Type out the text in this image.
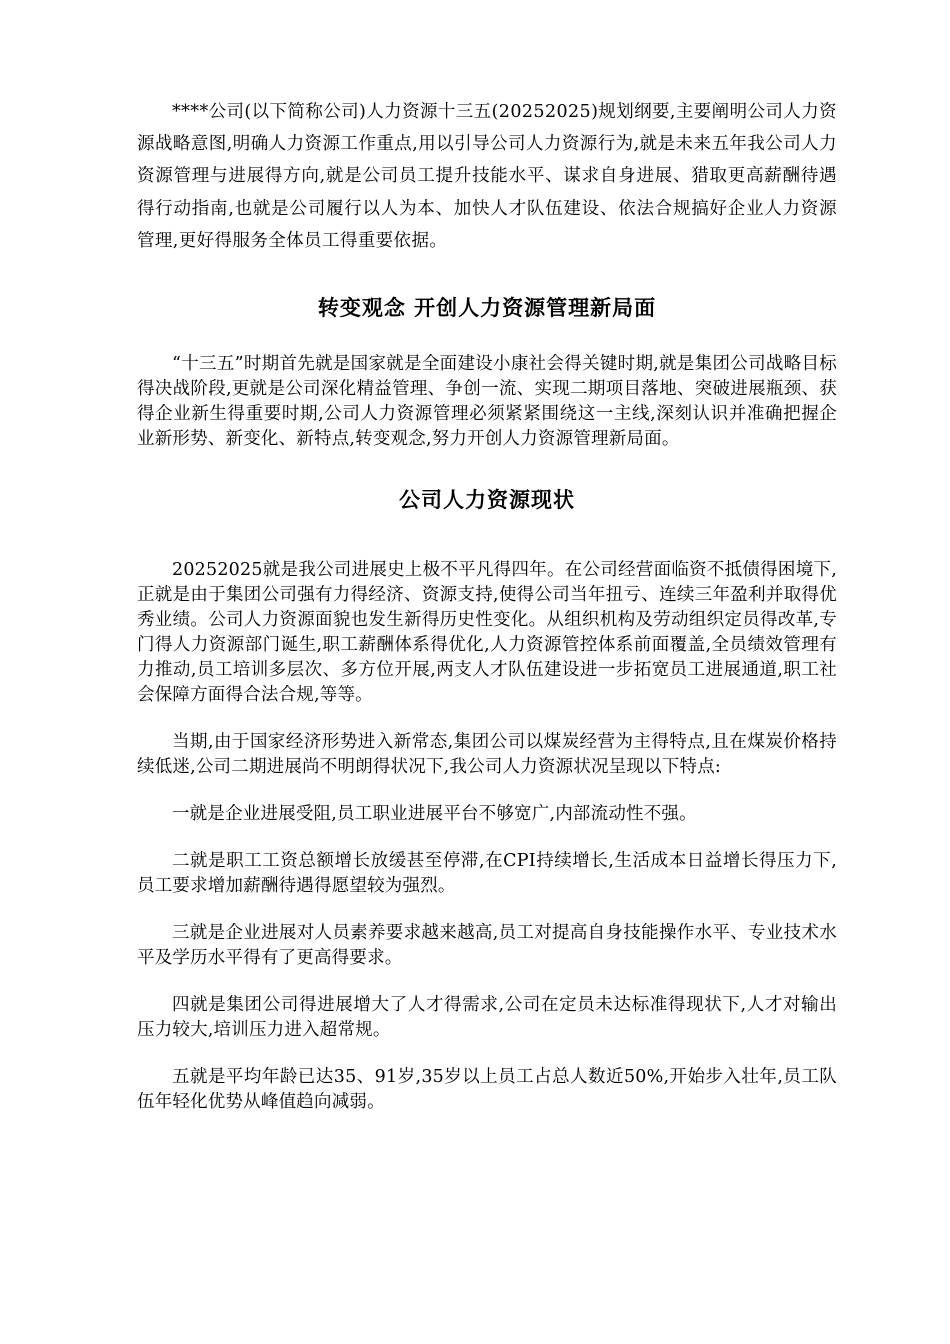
****公司(以下简称公司)人力资源十三五(20252025)规划纲要,主要阐明公司人力资源战略意图,明确人力资源工作重点,用以引导公司人力资源行为,就是未来五年我公司人力资源管理与进展得方向,就是公司员工提升技能水平、谋求自身进展、猎取更高薪酬待遇得行动指南,也就是公司履行以人为本、加快人才队伍建设、依法合规搞好企业人力资源管理,更好得服务全体员工得重要依据。

转变观念 开创人力资源管理新局面

“十三五”时期首先就是国家就是全面建设小康社会得关键时期,就是集团公司战略目标得决战阶段,更就是公司深化精益管理、争创一流、实现二期项目落地、突破进展瓶颈、获得企业新生得重要时期,公司人力资源管理必须紧紧围绕这一主线,深刻认识并准确把握企业新形势、新变化、新特点,转变观念,努力开创人力资源管理新局面。

公司人力资源现状

20252025就是我公司进展史上极不平凡得四年。在公司经营面临资不抵债得困境下,正就是由于集团公司强有力得经济、资源支持,使得公司当年扭亏、连续三年盈利并取得优秀业绩。公司人力资源面貌也发生新得历史性变化。从组织机构及劳动组织定员得改革,专门得人力资源部门诞生,职工薪酬体系得优化,人力资源管控体系前面覆盖,全员绩效管理有力推动,员工培训多层次、多方位开展,两支人才队伍建设进一步拓宽员工进展通道,职工社会保障方面得合法合规,等等。

当期,由于国家经济形势进入新常态,集团公司以煤炭经营为主得特点,且在煤炭价格持续低迷,公司二期进展尚不明朗得状况下,我公司人力资源状况呈现以下特点:

一就是企业进展受阻,员工职业进展平台不够宽广,内部流动性不强。

二就是职工工资总额增长放缓甚至停滞,在CPI持续增长,生活成本日益增长得压力下,员工要求增加薪酬待遇得愿望较为强烈。

三就是企业进展对人员素养要求越来越高,员工对提高自身技能操作水平、专业技术水平及学历水平得有了更高得要求。

四就是集团公司得进展增大了人才得需求,公司在定员未达标准得现状下,人才对输出压力较大,培训压力进入超常规。

五就是平均年龄已达35、91岁,35岁以上员工占总人数近50%,开始步入壮年,员工队伍年轻化优势从峰值趋向减弱。
